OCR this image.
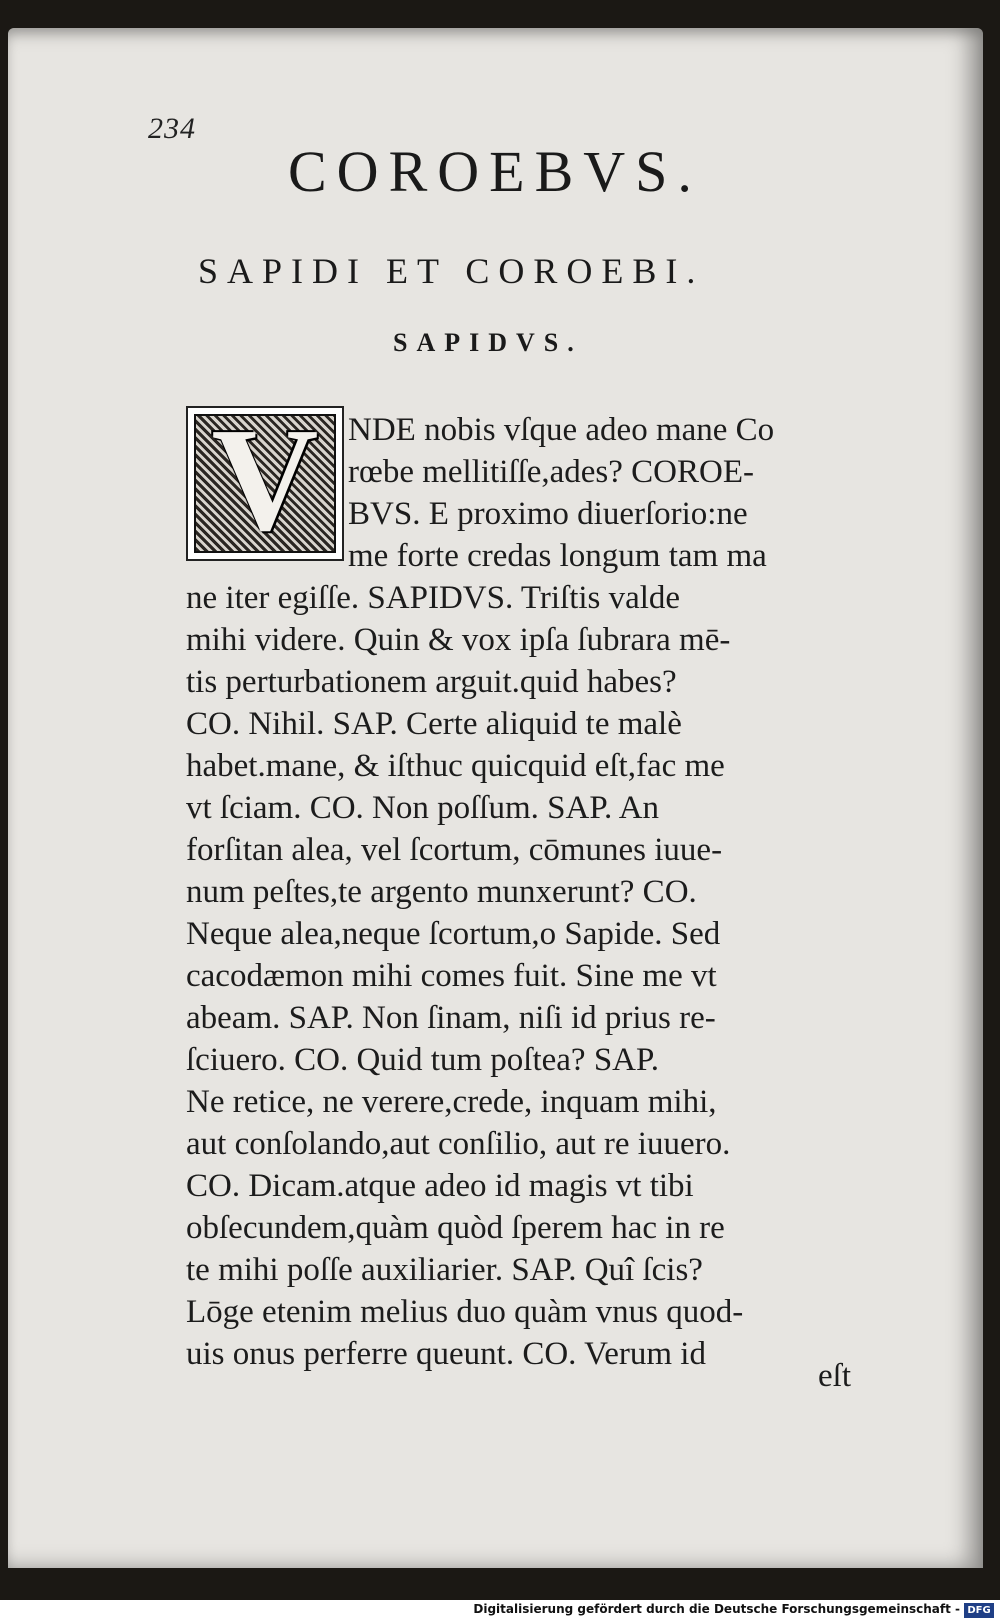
234
COROEBVS.
SAPIDI ET COROEBI.
SAPIDVS.
V NDE nobis vſque adeo mane Co
rœbe mellitiſſe,ades? COROE-
BVS. E proximo diuerſorio:ne
me forte credas longum tam ma
ne iter egiſſe. SAPIDVS. Triſtis valde
mihi videre. Quin & vox ipſa ſubrara mē-
tis perturbationem arguit.quid habes?
CO. Nihil. SAP. Certe aliquid te malè
habet.mane, & iſthuc quicquid eſt,fac me
vt ſciam. CO. Non poſſum. SAP. An
forſitan alea, vel ſcortum, cōmunes iuue-
num peſtes,te argento munxerunt? CO.
Neque alea,neque ſcortum,o Sapide. Sed
cacodæmon mihi comes fuit. Sine me vt
abeam. SAP. Non ſinam, niſi id prius re-
ſciuero. CO. Quid tum poſtea? SAP.
Ne retice, ne verere,crede, inquam mihi,
aut conſolando,aut conſilio, aut re iuuero.
CO. Dicam.atque adeo id magis vt tibi
obſecundem,quàm quòd ſperem hac in re
te mihi poſſe auxiliarier. SAP. Quî ſcis?
Lōge etenim melius duo quàm vnus quod-
uis onus perferre queunt. CO. Verum id
eſt
Digitalisierung gefördert durch die Deutsche Forschungsgemeinschaft - DFG
